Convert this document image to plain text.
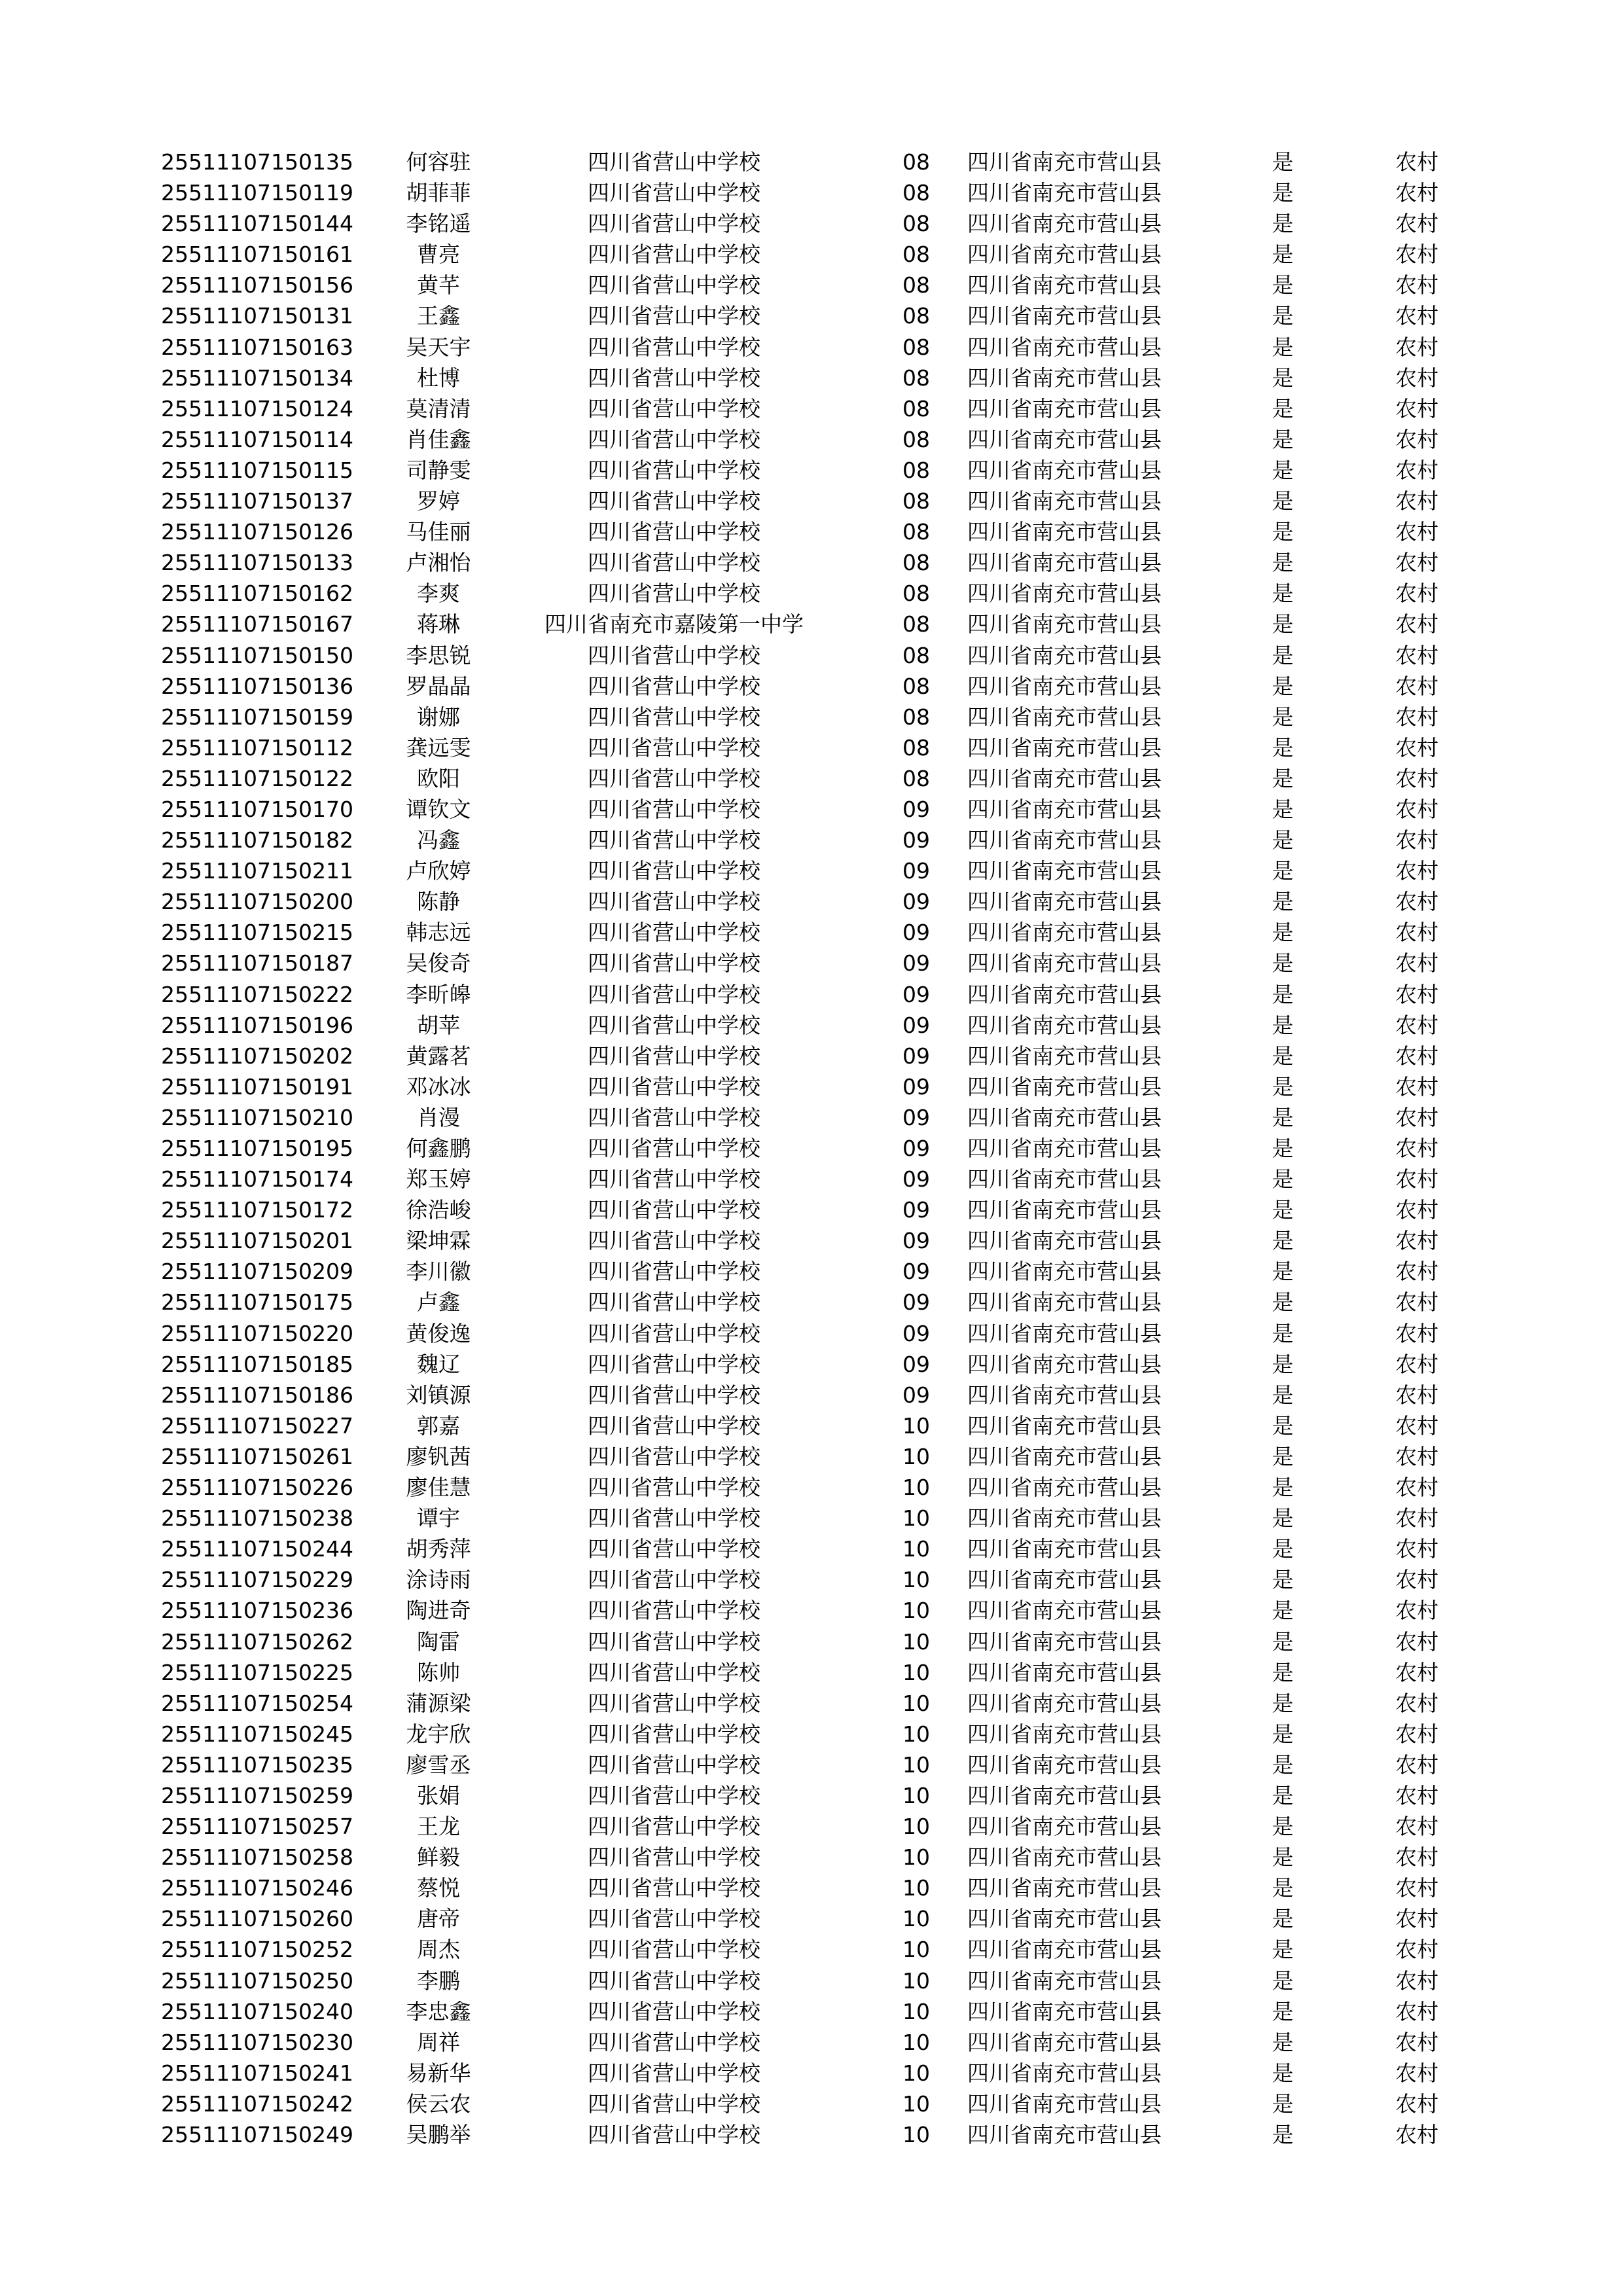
25511107150135	何容驻	四川省营山中学校	08	四川省南充市营山县	是	农村
25511107150119	胡菲菲	四川省营山中学校	08	四川省南充市营山县	是	农村
25511107150144	李铭遥	四川省营山中学校	08	四川省南充市营山县	是	农村
25511107150161	曹亮	四川省营山中学校	08	四川省南充市营山县	是	农村
25511107150156	黄芊	四川省营山中学校	08	四川省南充市营山县	是	农村
25511107150131	王鑫	四川省营山中学校	08	四川省南充市营山县	是	农村
25511107150163	吴天宇	四川省营山中学校	08	四川省南充市营山县	是	农村
25511107150134	杜博	四川省营山中学校	08	四川省南充市营山县	是	农村
25511107150124	莫清清	四川省营山中学校	08	四川省南充市营山县	是	农村
25511107150114	肖佳鑫	四川省营山中学校	08	四川省南充市营山县	是	农村
25511107150115	司静雯	四川省营山中学校	08	四川省南充市营山县	是	农村
25511107150137	罗婷	四川省营山中学校	08	四川省南充市营山县	是	农村
25511107150126	马佳丽	四川省营山中学校	08	四川省南充市营山县	是	农村
25511107150133	卢湘怡	四川省营山中学校	08	四川省南充市营山县	是	农村
25511107150162	李爽	四川省营山中学校	08	四川省南充市营山县	是	农村
25511107150167	蒋琳	四川省南充市嘉陵第一中学	08	四川省南充市营山县	是	农村
25511107150150	李思锐	四川省营山中学校	08	四川省南充市营山县	是	农村
25511107150136	罗晶晶	四川省营山中学校	08	四川省南充市营山县	是	农村
25511107150159	谢娜	四川省营山中学校	08	四川省南充市营山县	是	农村
25511107150112	龚远雯	四川省营山中学校	08	四川省南充市营山县	是	农村
25511107150122	欧阳	四川省营山中学校	08	四川省南充市营山县	是	农村
25511107150170	谭钦文	四川省营山中学校	09	四川省南充市营山县	是	农村
25511107150182	冯鑫	四川省营山中学校	09	四川省南充市营山县	是	农村
25511107150211	卢欣婷	四川省营山中学校	09	四川省南充市营山县	是	农村
25511107150200	陈静	四川省营山中学校	09	四川省南充市营山县	是	农村
25511107150215	韩志远	四川省营山中学校	09	四川省南充市营山县	是	农村
25511107150187	吴俊奇	四川省营山中学校	09	四川省南充市营山县	是	农村
25511107150222	李昕皞	四川省营山中学校	09	四川省南充市营山县	是	农村
25511107150196	胡苹	四川省营山中学校	09	四川省南充市营山县	是	农村
25511107150202	黄露茗	四川省营山中学校	09	四川省南充市营山县	是	农村
25511107150191	邓冰冰	四川省营山中学校	09	四川省南充市营山县	是	农村
25511107150210	肖漫	四川省营山中学校	09	四川省南充市营山县	是	农村
25511107150195	何鑫鹏	四川省营山中学校	09	四川省南充市营山县	是	农村
25511107150174	郑玉婷	四川省营山中学校	09	四川省南充市营山县	是	农村
25511107150172	徐浩峻	四川省营山中学校	09	四川省南充市营山县	是	农村
25511107150201	梁坤霖	四川省营山中学校	09	四川省南充市营山县	是	农村
25511107150209	李川徽	四川省营山中学校	09	四川省南充市营山县	是	农村
25511107150175	卢鑫	四川省营山中学校	09	四川省南充市营山县	是	农村
25511107150220	黄俊逸	四川省营山中学校	09	四川省南充市营山县	是	农村
25511107150185	魏辽	四川省营山中学校	09	四川省南充市营山县	是	农村
25511107150186	刘镇源	四川省营山中学校	09	四川省南充市营山县	是	农村
25511107150227	郭嘉	四川省营山中学校	10	四川省南充市营山县	是	农村
25511107150261	廖钒茜	四川省营山中学校	10	四川省南充市营山县	是	农村
25511107150226	廖佳慧	四川省营山中学校	10	四川省南充市营山县	是	农村
25511107150238	谭宇	四川省营山中学校	10	四川省南充市营山县	是	农村
25511107150244	胡秀萍	四川省营山中学校	10	四川省南充市营山县	是	农村
25511107150229	涂诗雨	四川省营山中学校	10	四川省南充市营山县	是	农村
25511107150236	陶进奇	四川省营山中学校	10	四川省南充市营山县	是	农村
25511107150262	陶雷	四川省营山中学校	10	四川省南充市营山县	是	农村
25511107150225	陈帅	四川省营山中学校	10	四川省南充市营山县	是	农村
25511107150254	蒲源梁	四川省营山中学校	10	四川省南充市营山县	是	农村
25511107150245	龙宇欣	四川省营山中学校	10	四川省南充市营山县	是	农村
25511107150235	廖雪丞	四川省营山中学校	10	四川省南充市营山县	是	农村
25511107150259	张娟	四川省营山中学校	10	四川省南充市营山县	是	农村
25511107150257	王龙	四川省营山中学校	10	四川省南充市营山县	是	农村
25511107150258	鲜毅	四川省营山中学校	10	四川省南充市营山县	是	农村
25511107150246	蔡悦	四川省营山中学校	10	四川省南充市营山县	是	农村
25511107150260	唐帝	四川省营山中学校	10	四川省南充市营山县	是	农村
25511107150252	周杰	四川省营山中学校	10	四川省南充市营山县	是	农村
25511107150250	李鹏	四川省营山中学校	10	四川省南充市营山县	是	农村
25511107150240	李忠鑫	四川省营山中学校	10	四川省南充市营山县	是	农村
25511107150230	周祥	四川省营山中学校	10	四川省南充市营山县	是	农村
25511107150241	易新华	四川省营山中学校	10	四川省南充市营山县	是	农村
25511107150242	侯云农	四川省营山中学校	10	四川省南充市营山县	是	农村
25511107150249	吴鹏举	四川省营山中学校	10	四川省南充市营山县	是	农村
